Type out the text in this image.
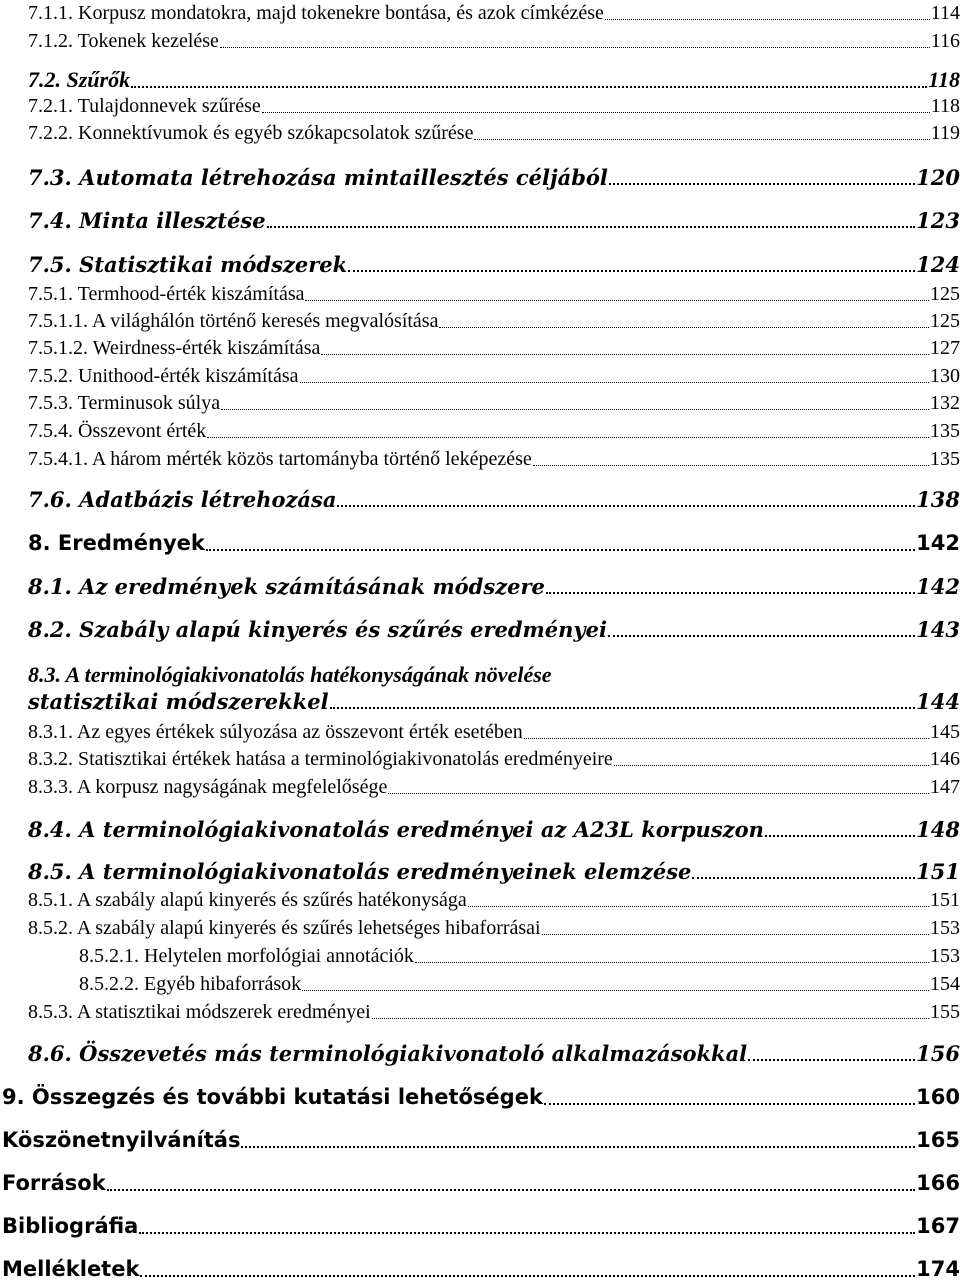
7.1.1. Korpusz mondatokra, majd tokenekre bontása, és azok címkézése	114
7.1.2. Tokenek kezelése	116
7.2. Szűrők	118
7.2.1. Tulajdonnevek szűrése	118
7.2.2. Konnektívumok és egyéb szókapcsolatok szűrése	119
7.3. Automata létrehozása mintaillesztés céljából	120
7.4. Minta illesztése	123
7.5. Statisztikai módszerek	124
7.5.1. Termhood-érték kiszámítása	125
7.5.1.1. A világhálón történő keresés megvalósítása	125
7.5.1.2. Weirdness-érték kiszámítása	127
7.5.2. Unithood-érték kiszámítása	130
7.5.3. Terminusok súlya	132
7.5.4. Összevont érték	135
7.5.4.1. A három mérték közös tartományba történő leképezése	135
7.6. Adatbázis létrehozása	138
8. Eredmények	142
8.1. Az eredmények számításának módszere	142
8.2. Szabály alapú kinyerés és szűrés eredményei	143
8.3. A terminológiakivonatolás hatékonyságának növelése
statisztikai módszerekkel	144
8.3.1. Az egyes értékek súlyozása az összevont érték esetében	145
8.3.2. Statisztikai értékek hatása a terminológiakivonatolás eredményeire	146
8.3.3. A korpusz nagyságának megfelelősége	147
8.4. A terminológiakivonatolás eredményei az A23L korpuszon	148
8.5. A terminológiakivonatolás eredményeinek elemzése	151
8.5.1. A szabály alapú kinyerés és szűrés hatékonysága	151
8.5.2. A szabály alapú kinyerés és szűrés lehetséges hibaforrásai	153
8.5.2.1. Helytelen morfológiai annotációk	153
8.5.2.2. Egyéb hibaforrások	154
8.5.3. A statisztikai módszerek eredményei	155
8.6. Összevetés más terminológiakivonatoló alkalmazásokkal	156
9. Összegzés és további kutatási lehetőségek	160
Köszönetnyilvánítás	165
Források	166
Bibliográfia	167
Mellékletek	174
